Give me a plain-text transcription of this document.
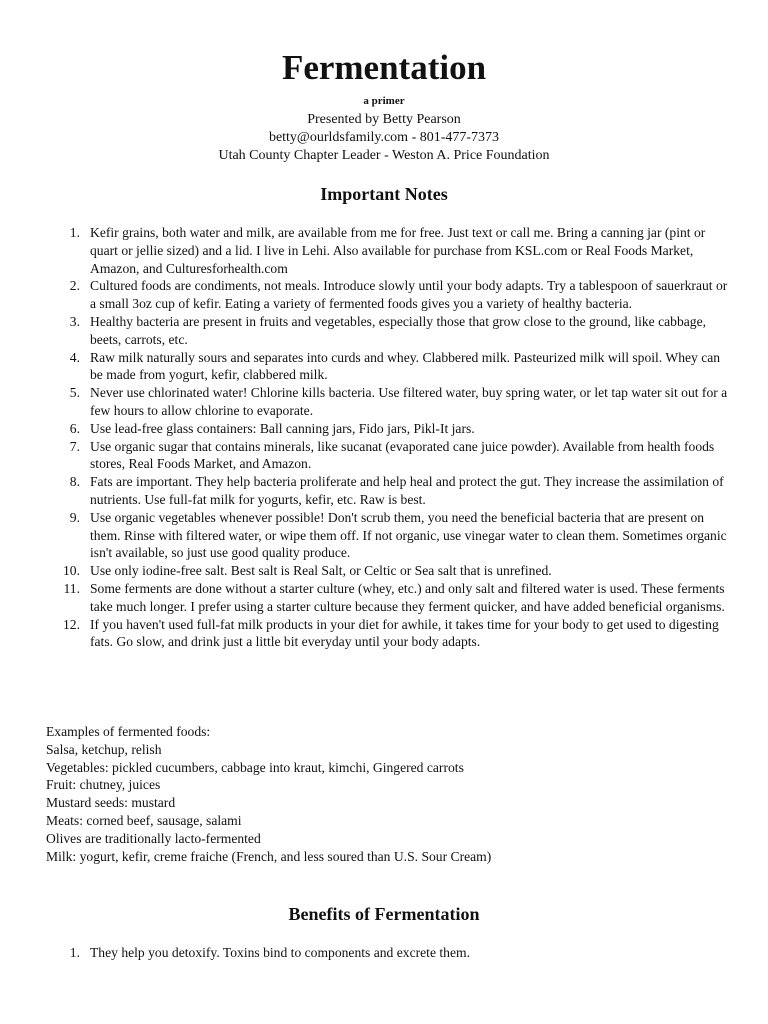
Fermentation
a primer
Presented by Betty Pearson
betty@ourldsfamily.com - 801-477-7373
Utah County Chapter Leader - Weston A. Price Foundation
Important Notes
1. Kefir grains, both water and milk, are available from me for free. Just text or call me. Bring a canning jar (pint or quart or jellie sized) and a lid. I live in Lehi. Also available for purchase from KSL.com or Real Foods Market, Amazon, and Culturesforhealth.com
2. Cultured foods are condiments, not meals. Introduce slowly until your body adapts. Try a tablespoon of sauerkraut or a small 3oz cup of kefir. Eating a variety of fermented foods gives you a variety of healthy bacteria.
3. Healthy bacteria are present in fruits and vegetables, especially those that grow close to the ground, like cabbage, beets, carrots, etc.
4. Raw milk naturally sours and separates into curds and whey. Clabbered milk. Pasteurized milk will spoil. Whey can be made from yogurt, kefir, clabbered milk.
5. Never use chlorinated water! Chlorine kills bacteria. Use filtered water, buy spring water, or let tap water sit out for a few hours to allow chlorine to evaporate.
6. Use lead-free glass containers: Ball canning jars, Fido jars, Pikl-It jars.
7. Use organic sugar that contains minerals, like sucanat (evaporated cane juice powder). Available from health foods stores, Real Foods Market, and Amazon.
8. Fats are important. They help bacteria proliferate and help heal and protect the gut. They increase the assimilation of nutrients. Use full-fat milk for yogurts, kefir, etc. Raw is best.
9. Use organic vegetables whenever possible! Don't scrub them, you need the beneficial bacteria that are present on them. Rinse with filtered water, or wipe them off. If not organic, use vinegar water to clean them. Sometimes organic isn't available, so just use good quality produce.
10. Use only iodine-free salt. Best salt is Real Salt, or Celtic or Sea salt that is unrefined.
11. Some ferments are done without a starter culture (whey, etc.) and only salt and filtered water is used. These ferments take much longer. I prefer using a starter culture because they ferment quicker, and have added beneficial organisms.
12. If you haven't used full-fat milk products in your diet for awhile, it takes time for your body to get used to digesting fats. Go slow, and drink just a little bit everyday until your body adapts.
Examples of fermented foods:
Salsa, ketchup, relish
Vegetables: pickled cucumbers, cabbage into kraut, kimchi, Gingered carrots
Fruit: chutney, juices
Mustard seeds: mustard
Meats: corned beef, sausage, salami
Olives are traditionally lacto-fermented
Milk: yogurt, kefir, creme fraiche (French, and less soured than U.S. Sour Cream)
Benefits of Fermentation
1. They help you detoxify. Toxins bind to components and excrete them.
